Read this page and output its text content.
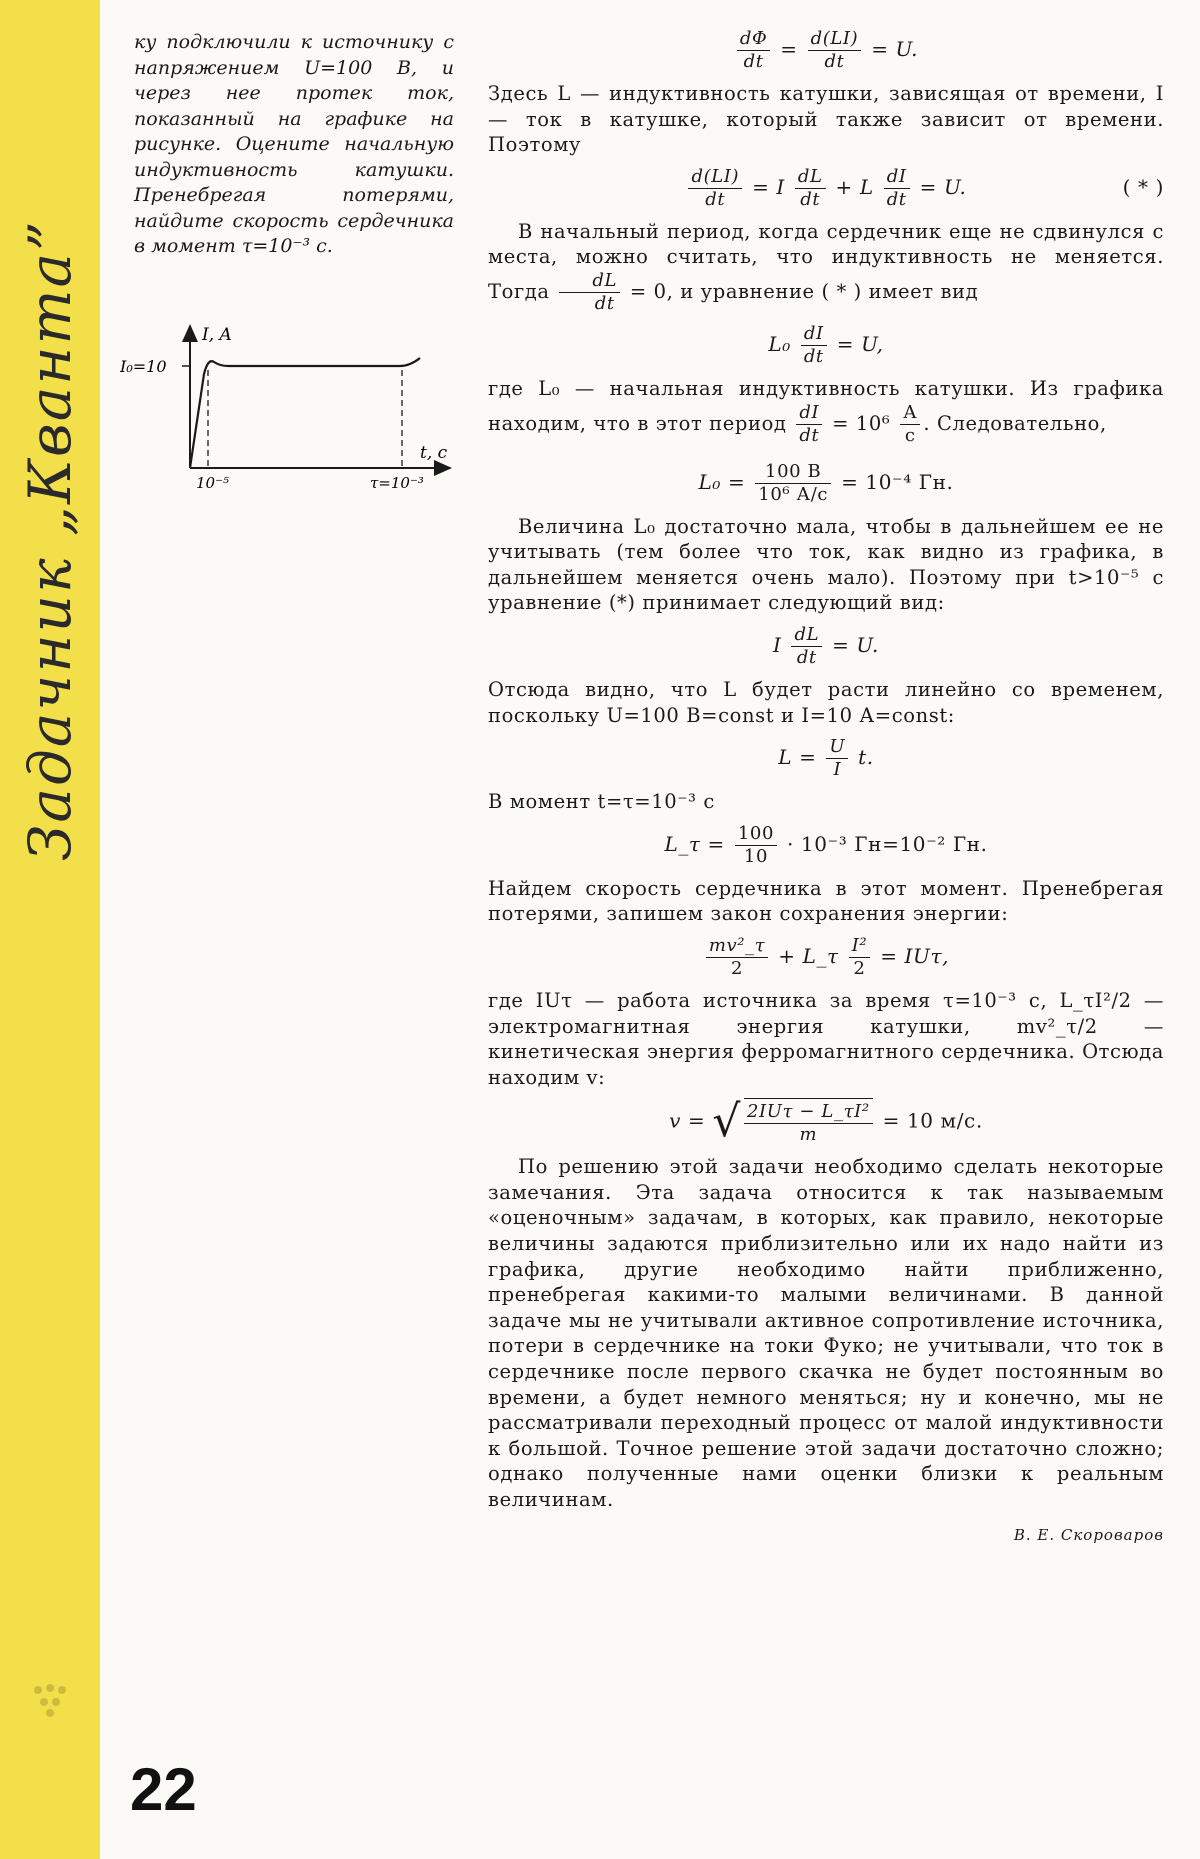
Задачник „Кванта”
22

ку подключили к источнику с напряжением U=100 В, и через нее протек ток, показанный на графике на рисунке. Оцените начальную индуктивность катушки. Пренебрегая потерями, найдите скорость сердечника в момент τ=10⁻³ с.

I, A
t, c
I₀=10
10⁻⁵	τ=10⁻³
$\frac{d\Phi}{dt} = \frac{d(LI)}{dt} = U$.

Здесь L — индуктивность катушки, зависящая от времени, I — ток в катушке, который также зависит от времени. Поэтому

$\frac{d(LI)}{dt} = I \frac{dL}{dt} + L \frac{dI}{dt} = U$.	( * )

В начальный период, когда сердечник еще не сдвинулся с места, можно считать, что индуктивность не меняется. Тогда $\frac{dL}{dt} = 0$, и уравнение ( * ) имеет вид

$L_0 \frac{dI}{dt} = U$,

где L₀ — начальная индуктивность катушки. Из графика находим, что в этот период $\frac{dI}{dt} = 10^6 \frac{А}{с}$ . Следовательно,

$L_0 = \frac{100 В}{\text{10⁶ А/с}} = 10^{-4}$ Гн.

Величина L₀ достаточно мала, чтобы в дальнейшем ее не учитывать (тем более что ток, как видно из графика, в дальнейшем меняется очень мало). Поэтому при t>10⁻⁵ с уравнение (*) принимает следующий вид:

I $\frac{dL}{dt} = U$.

Отсюда видно, что L будет расти линейно со временем, поскольку U=100 В=const и I=10 А=const:

$L = \frac{U}{I} t$.

В момент t=τ=10⁻³ с

L_τ = $\frac{100}{10} \cdot 10^{-3}$ Гн=10⁻² Гн.

Найдем скорость сердечника в этот момент. Пренебрегая потерями, запишем закон сохранения энергии:

$\frac{\text{mv²\_τ}}{2}$ + L_τ $\frac{\text{I²}}{2} = IU\tau$,

где IUτ — работа источника за время τ=10⁻³ с, L_τI²/2 — электромагнитная энергия катушки, mv²_τ/2 — кинетическая энергия ферромагнитного сердечника. Отсюда находим v:

v = √ $\frac{\text{2IUτ − L\_τI²}}{m} = 10$ м/с.

По решению этой задачи необходимо сделать некоторые замечания. Эта задача относится к так называемым «оценочным» задачам, в которых, как правило, некоторые величины задаются приблизительно или их надо найти из графика, другие необходимо найти приближенно, пренебрегая какими-то малыми величинами. В данной задаче мы не учитывали активное сопротивление источника, потери в сердечнике на токи Фуко; не учитывали, что ток в сердечнике после первого скачка не будет постоянным во времени, а будет немного меняться; ну и конечно, мы не рассматривали переходный процесс от малой индуктивности к большой. Точное решение этой задачи достаточно сложно; однако полученные нами оценки близки к реальным величинам.

В. Е. Скороваров
